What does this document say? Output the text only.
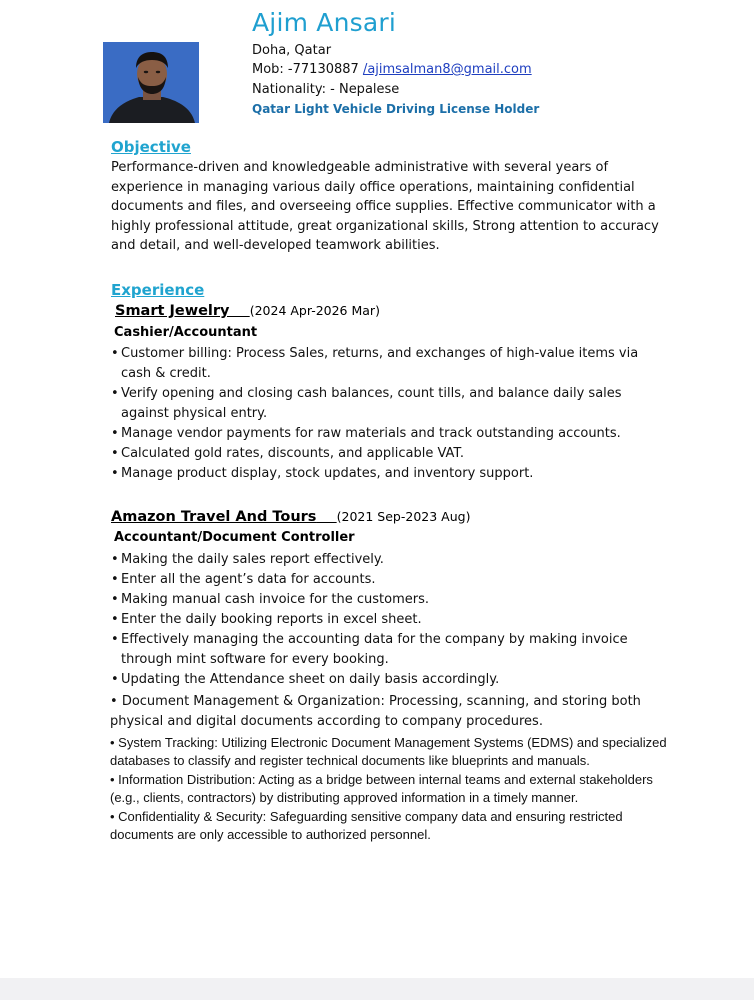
Ajim Ansari
Doha, Qatar
Mob: -77130887 /ajimsalman8@gmail.com
Nationality: - Nepalese
Qatar Light Vehicle Driving License Holder
Objective
Performance-driven and knowledgeable administrative with several years of experience in managing various daily office operations, maintaining confidential documents and files, and overseeing office supplies. Effective communicator with a highly professional attitude, great organizational skills, Strong attention to accuracy and detail, and well-developed teamwork abilities.
Experience
Smart Jewelry (2024 Apr-2026 Mar)
Cashier/Accountant
• Customer billing: Process Sales, returns, and exchanges of high-value items via cash & credit.
• Verify opening and closing cash balances, count tills, and balance daily sales against physical entry.
• Manage vendor payments for raw materials and track outstanding accounts.
• Calculated gold rates, discounts, and applicable VAT.
• Manage product display, stock updates, and inventory support.
Amazon Travel And Tours (2021 Sep-2023 Aug)
Accountant/Document Controller
• Making the daily sales report effectively.
• Enter all the agent’s data for accounts.
• Making manual cash invoice for the customers.
• Enter the daily booking reports in excel sheet.
• Effectively managing the accounting data for the company by making invoice through mint software for every booking.
• Updating the Attendance sheet on daily basis accordingly.
• Document Management & Organization: Processing, scanning, and storing both physical and digital documents according to company procedures.
• System Tracking: Utilizing Electronic Document Management Systems (EDMS) and specialized databases to classify and register technical documents like blueprints and manuals.
• Information Distribution: Acting as a bridge between internal teams and external stakeholders (e.g., clients, contractors) by distributing approved information in a timely manner.
• Confidentiality & Security: Safeguarding sensitive company data and ensuring restricted documents are only accessible to authorized personnel.
